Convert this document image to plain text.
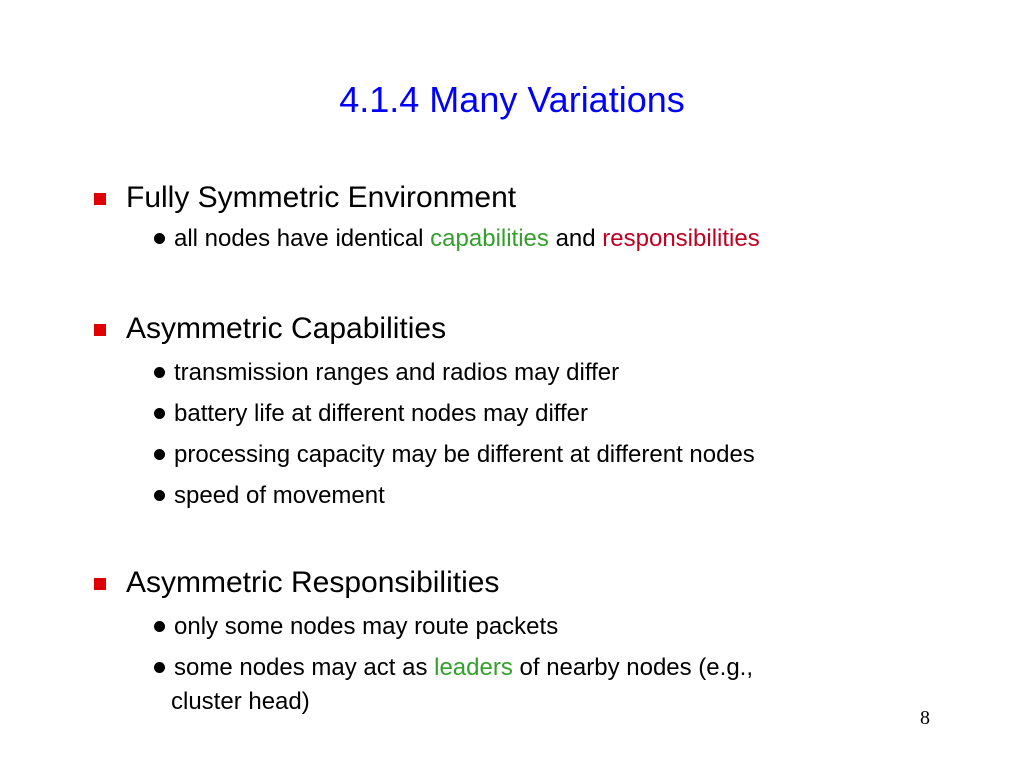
4.1.4 Many Variations
Fully Symmetric Environment
all nodes have identical capabilities and responsibilities
Asymmetric Capabilities
transmission ranges and radios may differ
battery life at different nodes may differ
processing capacity may be different at different nodes
speed of movement
Asymmetric Responsibilities
only some nodes may route packets
some nodes may act as leaders of nearby nodes (e.g.,
cluster head)
8
